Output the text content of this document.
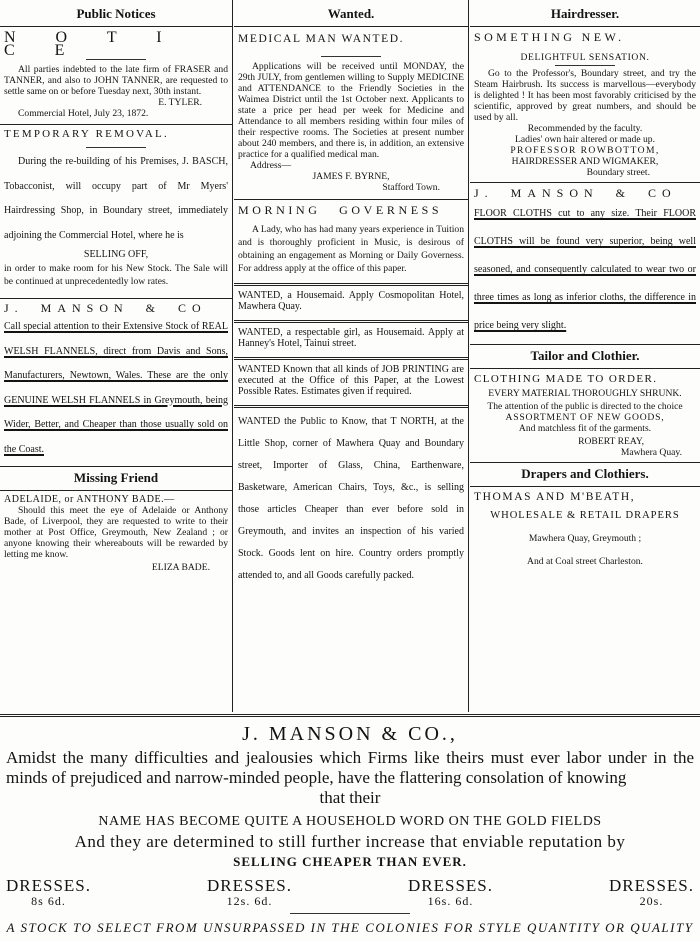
Public Notices
N O T I C E

All parties indebted to the late firm of FRASER and TANNER, and also to JOHN TANNER, are requested to settle same on or before Tuesday next, 30th instant.

E. TYLER.

Commercial Hotel, July 23, 1872.

TEMPORARY REMOVAL.

During the re-building of his Premises, J. BASCH, Tobacconist, will occupy part of Mr Myers' Hairdressing Shop, in Boundary street, immediately adjoining the Commercial Hotel, where he is

SELLING OFF,

in order to make room for his New Stock. The Sale will be continued at unprecedentedly low rates.

J. MANSON & CO

Call special attention to their Extensive Stock of REAL WELSH FLANNELS, direct from Davis and Sons, Manufacturers, Newtown, Wales. These are the only GENUINE WELSH FLANNELS in Greymouth, being Wider, Better, and Cheaper than those usually sold on the Coast.

Missing Friend

ADELAIDE, or ANTHONY BADE.—

Should this meet the eye of Adelaide or Anthony Bade, of Liverpool, they are requested to write to their mother at Post Office, Greymouth, New Zealand ; or anyone knowing their whereabouts will be rewarded by letting me know.

ELIZA BADE.

Wanted.
MEDICAL MAN WANTED.

Applications will be received until MONDAY, the 29th JULY, from gentlemen willing to Supply MEDICINE and ATTENDANCE to the Friendly Societies in the Waimea District until the 1st October next. Applicants to state a price per head per week for Medicine and Attendance to all members residing within four miles of their respective rooms. The Societies at present number about 240 members, and there is, in addition, an extensive practice for a qualified medical man.

Address—

JAMES F. BYRNE,

Stafford Town.

MORNING GOVERNESS

A Lady, who has had many years experience in Tuition and is thoroughly proficient in Music, is desirous of obtaining an engagement as Morning or Daily Governess. For address apply at the office of this paper.

WANTED, a Housemaid. Apply Cosmopolitan Hotel, Mawhera Quay.

WANTED, a respectable girl, as Housemaid. Apply at Hanney's Hotel, Tainui street.

WANTED Known that all kinds of JOB PRINTING are executed at the Office of this Paper, at the Lowest Possible Rates. Estimates given if required.

WANTED the Public to Know, that T NORTH, at the Little Shop, corner of Mawhera Quay and Boundary street, Importer of Glass, China, Earthenware, Basketware, American Chairs, Toys, &c., is selling those articles Cheaper than ever before sold in Greymouth, and invites an inspection of his varied Stock. Goods lent on hire. Country orders promptly attended to, and all Goods carefully packed.

Hairdresser.
SOMETHING NEW.

DELIGHTFUL SENSATION.

Go to the Professor's, Boundary street, and try the Steam Hairbrush. Its success is marvellous—everybody is delighted ! It has been most favorably criticised by the scientific, approved by great numbers, and should be used by all.

Recommended by the faculty.

Ladies' own hair altered or made up.

PROFESSOR ROWBOTTOM,

HAIRDRESSER AND WIGMAKER,

Boundary street.

J. MANSON & CO

FLOOR CLOTHS cut to any size. Their FLOOR CLOTHS will be found very superior, being well seasoned, and consequently calculated to wear two or three times as long as inferior cloths, the difference in price being very slight.

Tailor and Clothier.
CLOTHING MADE TO ORDER.

EVERY MATERIAL THOROUGHLY SHRUNK.

The attention of the public is directed to the choice

ASSORTMENT OF NEW GOODS,

And matchless fit of the garments.

ROBERT REAY,

Mawhera Quay.

Drapers and Clothiers.
THOMAS AND M'BEATH,

WHOLESALE & RETAIL DRAPERS

Mawhera Quay, Greymouth ;

And at Coal street Charleston.

J. MANSON & CO.,

Amidst the many difficulties and jealousies which Firms like theirs must ever labor under in the minds of prejudiced and narrow-minded people, have the flattering consolation of knowing

that their

NAME HAS BECOME QUITE A HOUSEHOLD WORD ON THE GOLD FIELDS

And they are determined to still further increase that enviable reputation by

SELLING CHEAPER THAN EVER.

DRESSES.
8s 6d.
DRESSES.
12s. 6d.
DRESSES.
16s. 6d.
DRESSES.
20s.

A STOCK TO SELECT FROM UNSURPASSED IN THE COLONIES FOR STYLE QUANTITY OR QUALITY
